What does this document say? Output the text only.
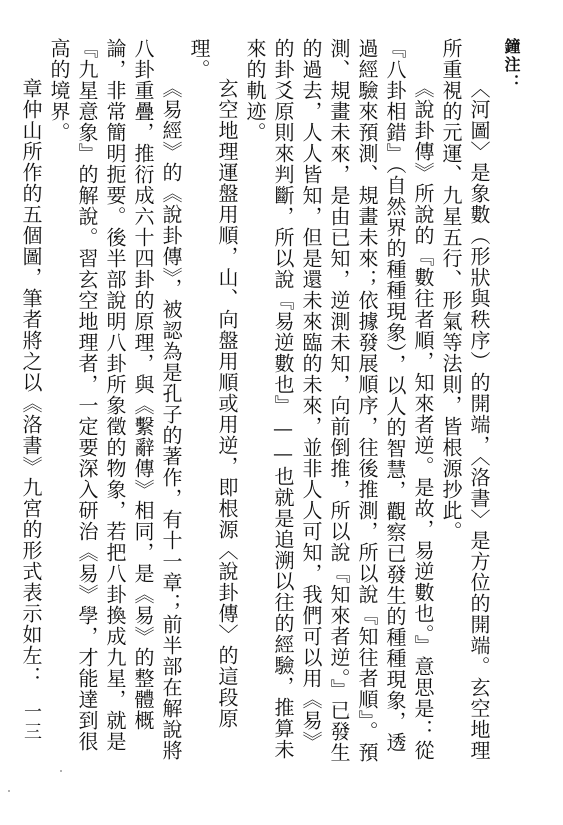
鐘注：
〈河圖〉是象數（形狀與秩序）的開端，〈洛書〉是方位的開端。玄空地理所重視的元運、九星五行、形氣等法則，皆根源抄此。
《說卦傳》所說的『數往者順，知來者逆。是故，易逆數也。』意思是：從『八卦相錯』（自然界的種種現象），以人的智慧，觀察已發生的種種現象，透過經驗來預測、規畫未來；依據發展順序，往後推測，所以說『知往者順』。預測、規畫未來，是由已知，逆測未知，向前倒推，所以說『知來者逆。』已發生的過去，人人皆知，但是還未來臨的未來，並非人人可知，我們可以用《易》的卦爻原則來判斷，所以說『易逆數也』——也就是追溯以往的經驗，推算未來的軌迹。
玄空地理運盤用順，山、向盤用順或用逆，即根源〈說卦傳〉的這段原理。
《易經》的《說卦傳》，被認為是孔子的著作，有十一章；前半部在解說將八卦重疊，推衍成六十四卦的原理，與《繫辭傳》相同，是《易》的整體概論，非常簡明扼要。後半部說明八卦所象徵的物象，若把八卦換成九星，就是『九星意象』的解說。習玄空地理者，一定要深入研治《易》學，才能達到很高的境界。
章仲山所作的五個圖，筆者將之以《洛書》九宮的形式表示如左：
一三
